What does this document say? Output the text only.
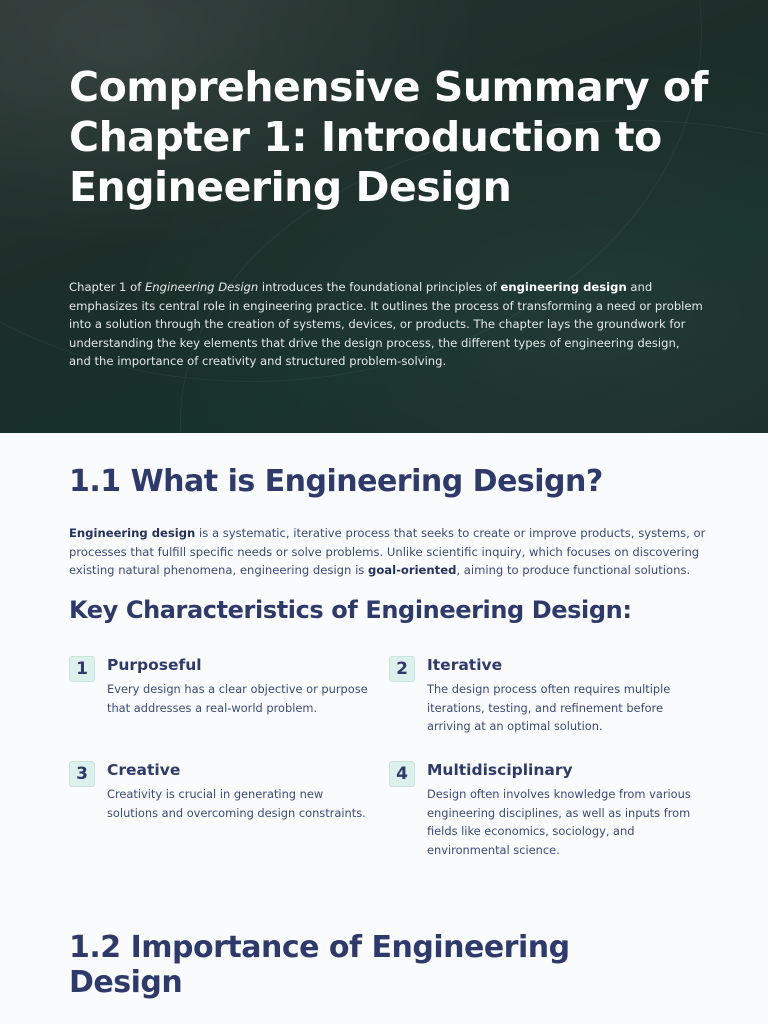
Comprehensive Summary of Chapter 1: Introduction to Engineering Design

Chapter 1 of Engineering Design introduces the foundational principles of engineering design and emphasizes its central role in engineering practice. It outlines the process of transforming a need or problem into a solution through the creation of systems, devices, or products. The chapter lays the groundwork for understanding the key elements that drive the design process, the different types of engineering design, and the importance of creativity and structured problem-solving.

1.1 What is Engineering Design?

Engineering design is a systematic, iterative process that seeks to create or improve products, systems, or processes that fulfill specific needs or solve problems. Unlike scientific inquiry, which focuses on discovering existing natural phenomena, engineering design is goal-oriented, aiming to produce functional solutions.

Key Characteristics of Engineering Design:
1	Purposeful

Every design has a clear objective or purpose that addresses a real-world problem.

2	Iterative

The design process often requires multiple iterations, testing, and refinement before arriving at an optimal solution.

3	Creative

Creativity is crucial in generating new solutions and overcoming design constraints.

4	Multidisciplinary

Design often involves knowledge from various engineering disciplines, as well as inputs from fields like economics, sociology, and environmental science.

1.2 Importance of Engineering Design
